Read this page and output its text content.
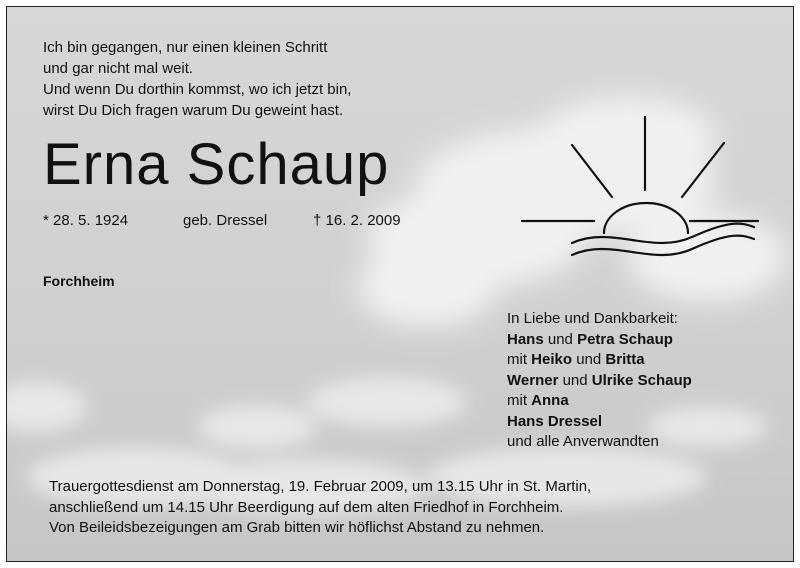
Ich bin gegangen, nur einen kleinen Schritt
und gar nicht mal weit.
Und wenn Du dorthin kommst, wo ich jetzt bin,
wirst Du Dich fragen warum Du geweint hast.
Erna Schaup
* 28. 5. 1924	geb. Dressel	† 16. 2. 2009
Forchheim
In Liebe und Dankbarkeit:
Hans und Petra Schaup
mit Heiko und Britta
Werner und Ulrike Schaup
mit Anna
Hans Dressel
und alle Anverwandten
Trauergottesdienst am Donnerstag, 19. Februar 2009, um 13.15 Uhr in St. Martin,
anschließend um 14.15 Uhr Beerdigung auf dem alten Friedhof in Forchheim.
Von Beileidsbezeigungen am Grab bitten wir höflichst Abstand zu nehmen.
